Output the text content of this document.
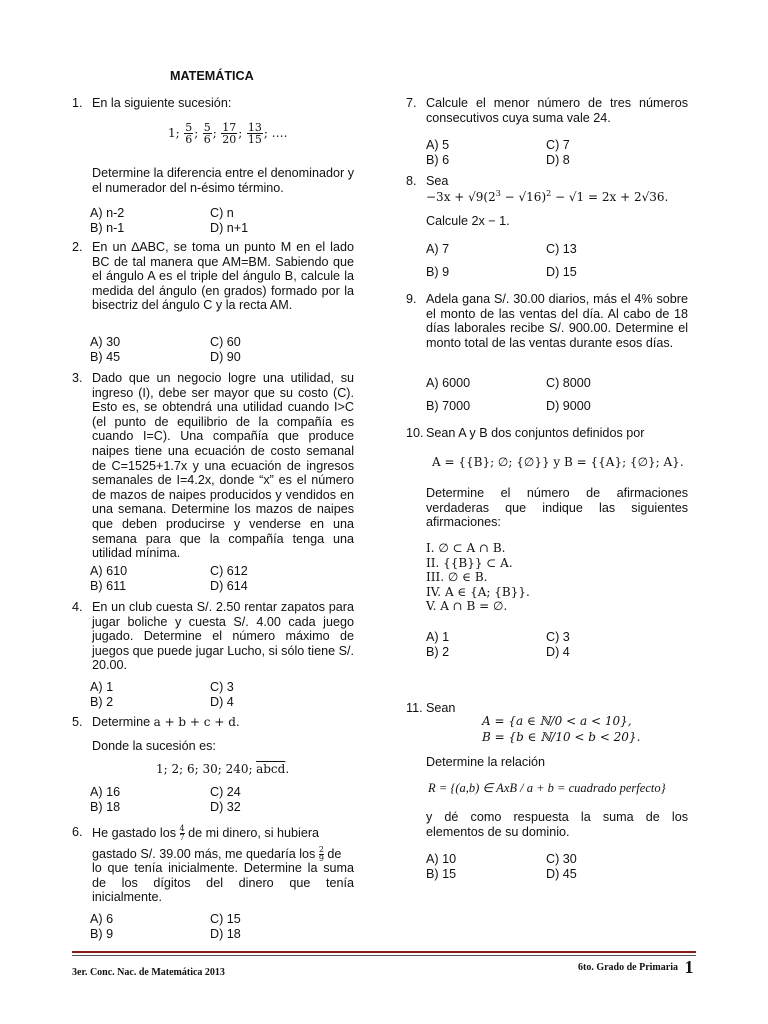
MATEMÁTICA
1. En la siguiente sucesión:
1; $\frac{5}{6}$ ; $\frac{5}{6}$ ; $\frac{17}{20}$ ; $\frac{13}{15}$ ; ….
Determine la diferencia entre el denominador y el numerador del n-ésimo término.
A) n-2	C) n
B) n-1	D) n+1
2. En un ∆ABC, se toma un punto M en el lado BC de tal manera que AM=BM. Sabiendo que el ángulo A es el triple del ángulo B, calcule la medida del ángulo (en grados) formado por la bisectriz del ángulo C y la recta AM.
A) 30	C) 60
B) 45	D) 90
3. Dado que un negocio logre una utilidad, su ingreso (I), debe ser mayor que su costo (C). Esto es, se obtendrá una utilidad cuando I>C (el punto de equilibrio de la compañía es cuando I=C). Una compañía que produce naipes tiene una ecuación de costo semanal de C=1525+1.7x y una ecuación de ingresos semanales de I=4.2x, donde “x” es el número de mazos de naipes producidos y vendidos en una semana. Determine los mazos de naipes que deben producirse y venderse en una semana para que la compañía tenga una utilidad mínima.
A) 610	C) 612
B) 611	D) 614
4. En un club cuesta S/. 2.50 rentar zapatos para jugar boliche y cuesta S/. 4.00 cada juego jugado. Determine el número máximo de juegos que puede jugar Lucho, si sólo tiene S/. 20.00.
A) 1	C) 3
B) 2	D) 4
5. Determine a + b + c + d.
Donde la sucesión es:
1; 2; 6; 30; 240; abcd.
A) 16	C) 24
B) 18	D) 32
6. He gastado los $\frac{4}{7}$ de mi dinero, si hubiera
gastado S/. 39.00 más, me quedaría los $\frac{2}{9}$ de
lo que tenía inicialmente. Determine la suma de los dígitos del dinero que tenía inicialmente.
A) 6	C) 15
B) 9	D) 18
7. Calcule el menor número de tres números consecutivos cuya suma vale 24.
A) 5	C) 7
B) 6	D) 8
8. Sea
$-3x + √9(2^3 - √16)^2 - √1 = 2x + 2√36$.
Calcule 2x − 1.
A) 7	C) 13
B) 9	D) 15
9. Adela gana S/. 30.00 diarios, más el 4% sobre el monto de las ventas del día. Al cabo de 18 días laborales recibe S/. 900.00. Determine el monto total de las ventas durante esos días.
A) 6000	C) 8000
B) 7000	D) 9000
10. Sean A y B dos conjuntos definidos por
A = {{B}; ∅; {∅}} y B = {{A}; {∅}; A}.
Determine el número de afirmaciones verdaderas que indique las siguientes afirmaciones:
I. ∅ ⊂ A ∩ B.
II. {{B}} ⊂ A.
III. ∅ ∈ B.
IV. A ∈ {A; {B}}.
V. A ∩ B = ∅.
A) 1	C) 3
B) 2	D) 4
11. Sean
A = {a ∈ ℕ/0 < a < 10},
B = {b ∈ ℕ/10 < b < 20}.
Determine la relación
R = {(a,b) ∈ AxB / a + b = cuadrado perfecto}
y dé como respuesta la suma de los elementos de su dominio.
A) 10	C) 30
B) 15	D) 45
3er. Conc. Nac. de Matemática 2013	6to. Grado de Primaria 1
